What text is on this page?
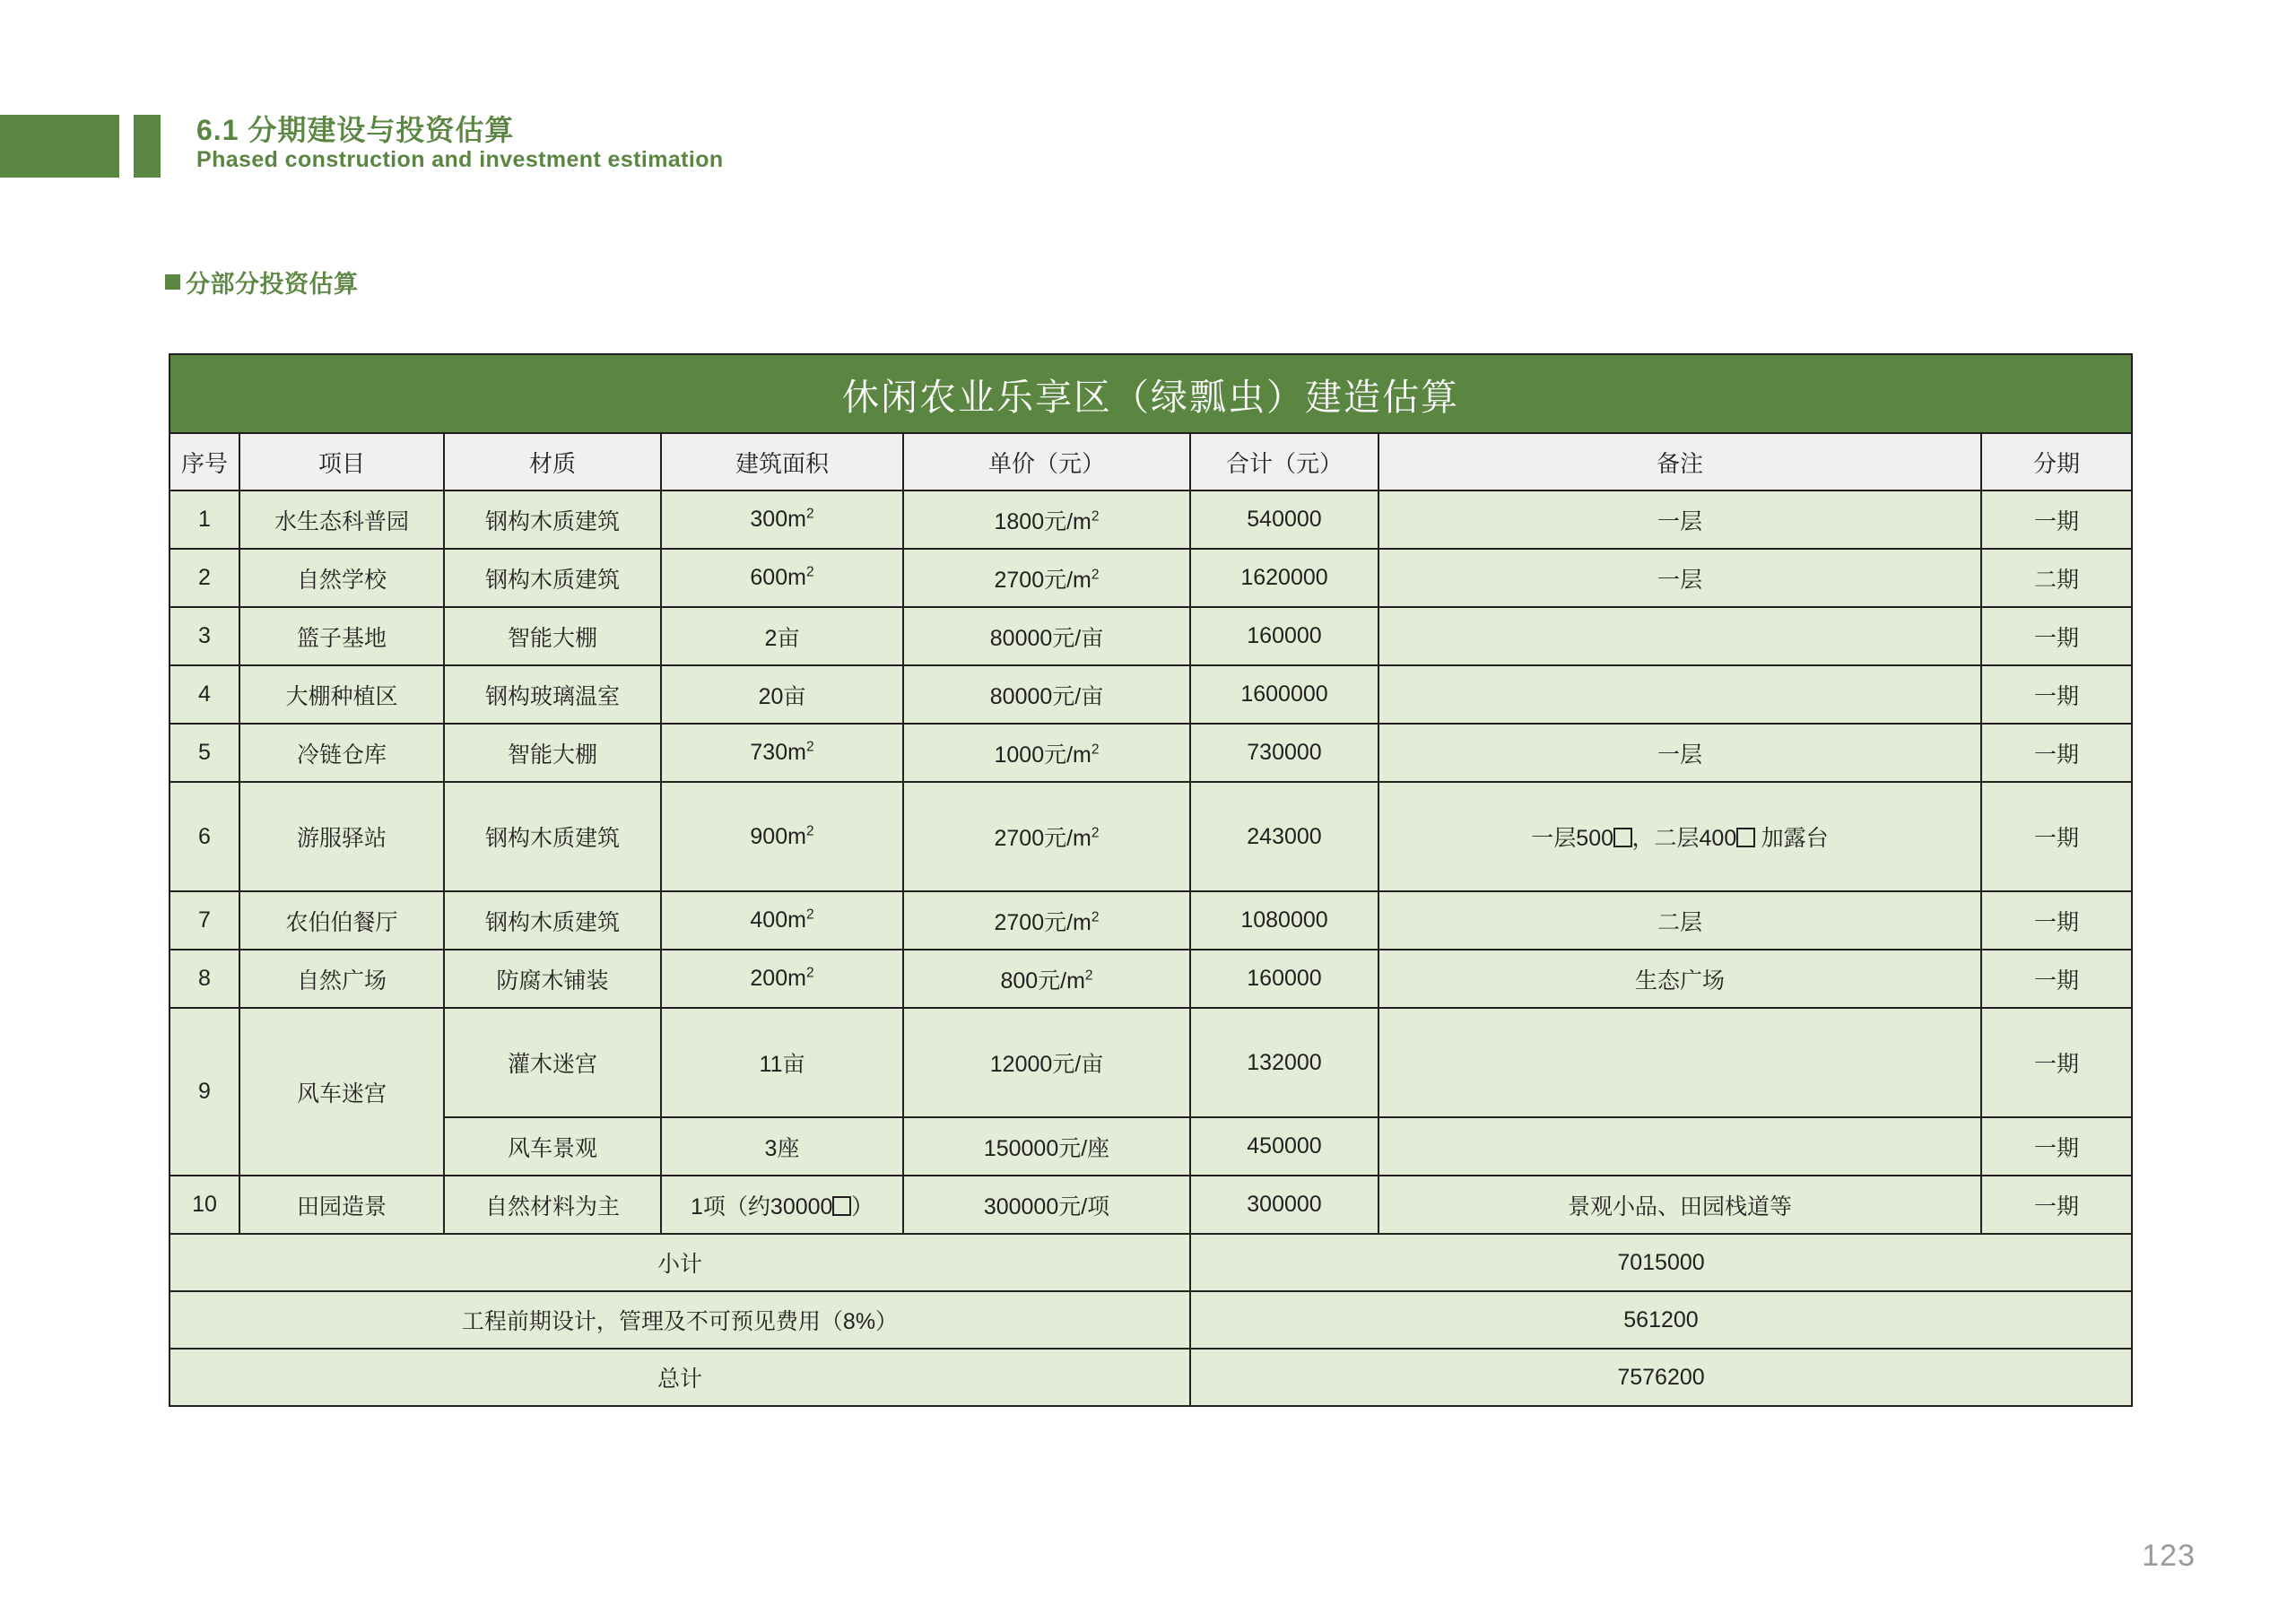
6.1 分期建设与投资估算
Phased construction and investment estimation
分部分投资估算
休闲农业乐享区（绿瓢虫）建造估算							
序号	项目	材质	建筑面积	单价（元）	合计（元）	备注	分期
1	水生态科普园	钢构木质建筑	$300m^2$	1800元$/m^2$	540000	一层	一期
2	自然学校	钢构木质建筑	$600m^2$	2700元$/m^2$	1620000	一层	二期
3	篮子基地	智能大棚	2亩	80000元/亩	160000		一期
4	大棚种植区	钢构玻璃温室	20亩	80000元/亩	1600000		一期
5	冷链仓库	智能大棚	$730m^2$	1000元$/m^2$	730000	一层	一期
6	游服驿站	钢构木质建筑	$900m^2$	2700元$/m^2$	243000	一层500 ，二层400 加露台	一期
7	农伯伯餐厅	钢构木质建筑	$400m^2$	2700元$/m^2$	1080000	二层	一期
8	自然广场	防腐木铺装	$200m^2$	800元$/m^2$	160000	生态广场	一期
9	风车迷宫	灌木迷宫	11亩	12000元/亩	132000		一期
		风车景观	3座	150000元/座	450000		一期
10	田园造景	自然材料为主	1项（约30000 ）	300000元/项	300000	景观小品、田园栈道等	一期
小计					7015000		
工程前期设计，管理及不可预见费用（8%）					561200		
总计					7576200		
123
